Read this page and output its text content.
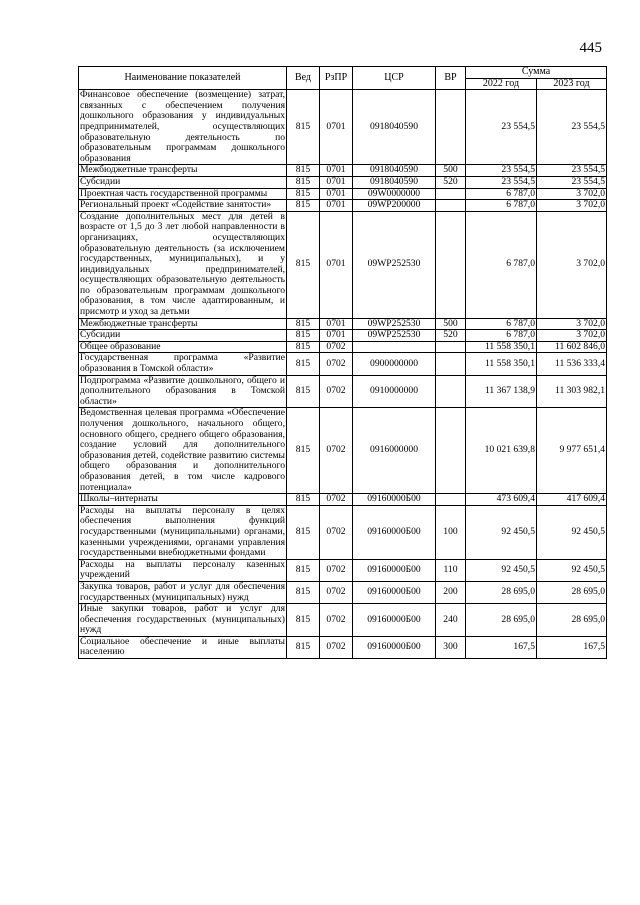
445
Наименование показателей	Вед	РзПР	ЦСР	ВР	Сумма	
					2022 год	2023 год
Финансовое обеспечение (возмещение) затрат, связанных с обеспечением получения дошкольного образования у индивидуальных предпринимателей, осуществляющих образовательную деятельность по образовательным программам дошкольного образования	815	0701	0918040590		23 554,5	23 554,5
Межбюджетные трансферты	815	0701	0918040590	500	23 554,5	23 554,5
Субсидии	815	0701	0918040590	520	23 554,5	23 554,5
Проектная часть государственной программы	815	0701	09W0000000		6 787,0	3 702,0
Региональный проект «Содействие занятости»	815	0701	09WP200000		6 787,0	3 702,0
Создание дополнительных мест для детей в возрасте от 1,5 до 3 лет любой направленности в организациях, осуществляющих образовательную деятельность (за исключением государственных, муниципальных), и у индивидуальных предпринимателей, осуществляющих образовательную деятельность по образовательным программам дошкольного образования, в том числе адаптированным, и присмотр и уход за детьми	815	0701	09WP252530		6 787,0	3 702,0
Межбюджетные трансферты	815	0701	09WP252530	500	6 787,0	3 702,0
Субсидии	815	0701	09WP252530	520	6 787,0	3 702,0
Общее образование	815	0702			11 558 350,1	11 602 846,0
Государственная программа «Развитие образования в Томской области»	815	0702	0900000000		11 558 350,1	11 536 333,4
Подпрограмма «Развитие дошкольного, общего и дополнительного образования в Томской области»	815	0702	0910000000		11 367 138,9	11 303 982,1
Ведомственная целевая программа «Обеспечение получения дошкольного, начального общего, основного общего, среднего общего образования, создание условий для дополнительного образования детей, содействие развитию системы общего образования и дополнительного образования детей, в том числе кадрового потенциала»	815	0702	0916000000		10 021 639,8	9 977 651,4
Школы–интернаты	815	0702	09160000Б00		473 609,4	417 609,4
Расходы на выплаты персоналу в целях обеспечения выполнения функций государственными (муниципальными) органами, казенными учреждениями, органами управления государственными внебюджетными фондами	815	0702	09160000Б00	100	92 450,5	92 450,5
Расходы на выплаты персоналу казенных учреждений	815	0702	09160000Б00	110	92 450,5	92 450,5
Закупка товаров, работ и услуг для обеспечения государственных (муниципальных) нужд	815	0702	09160000Б00	200	28 695,0	28 695,0
Иные закупки товаров, работ и услуг для обеспечения государственных (муниципальных) нужд	815	0702	09160000Б00	240	28 695,0	28 695,0
Социальное обеспечение и иные выплаты населению	815	0702	09160000Б00	300	167,5	167,5
